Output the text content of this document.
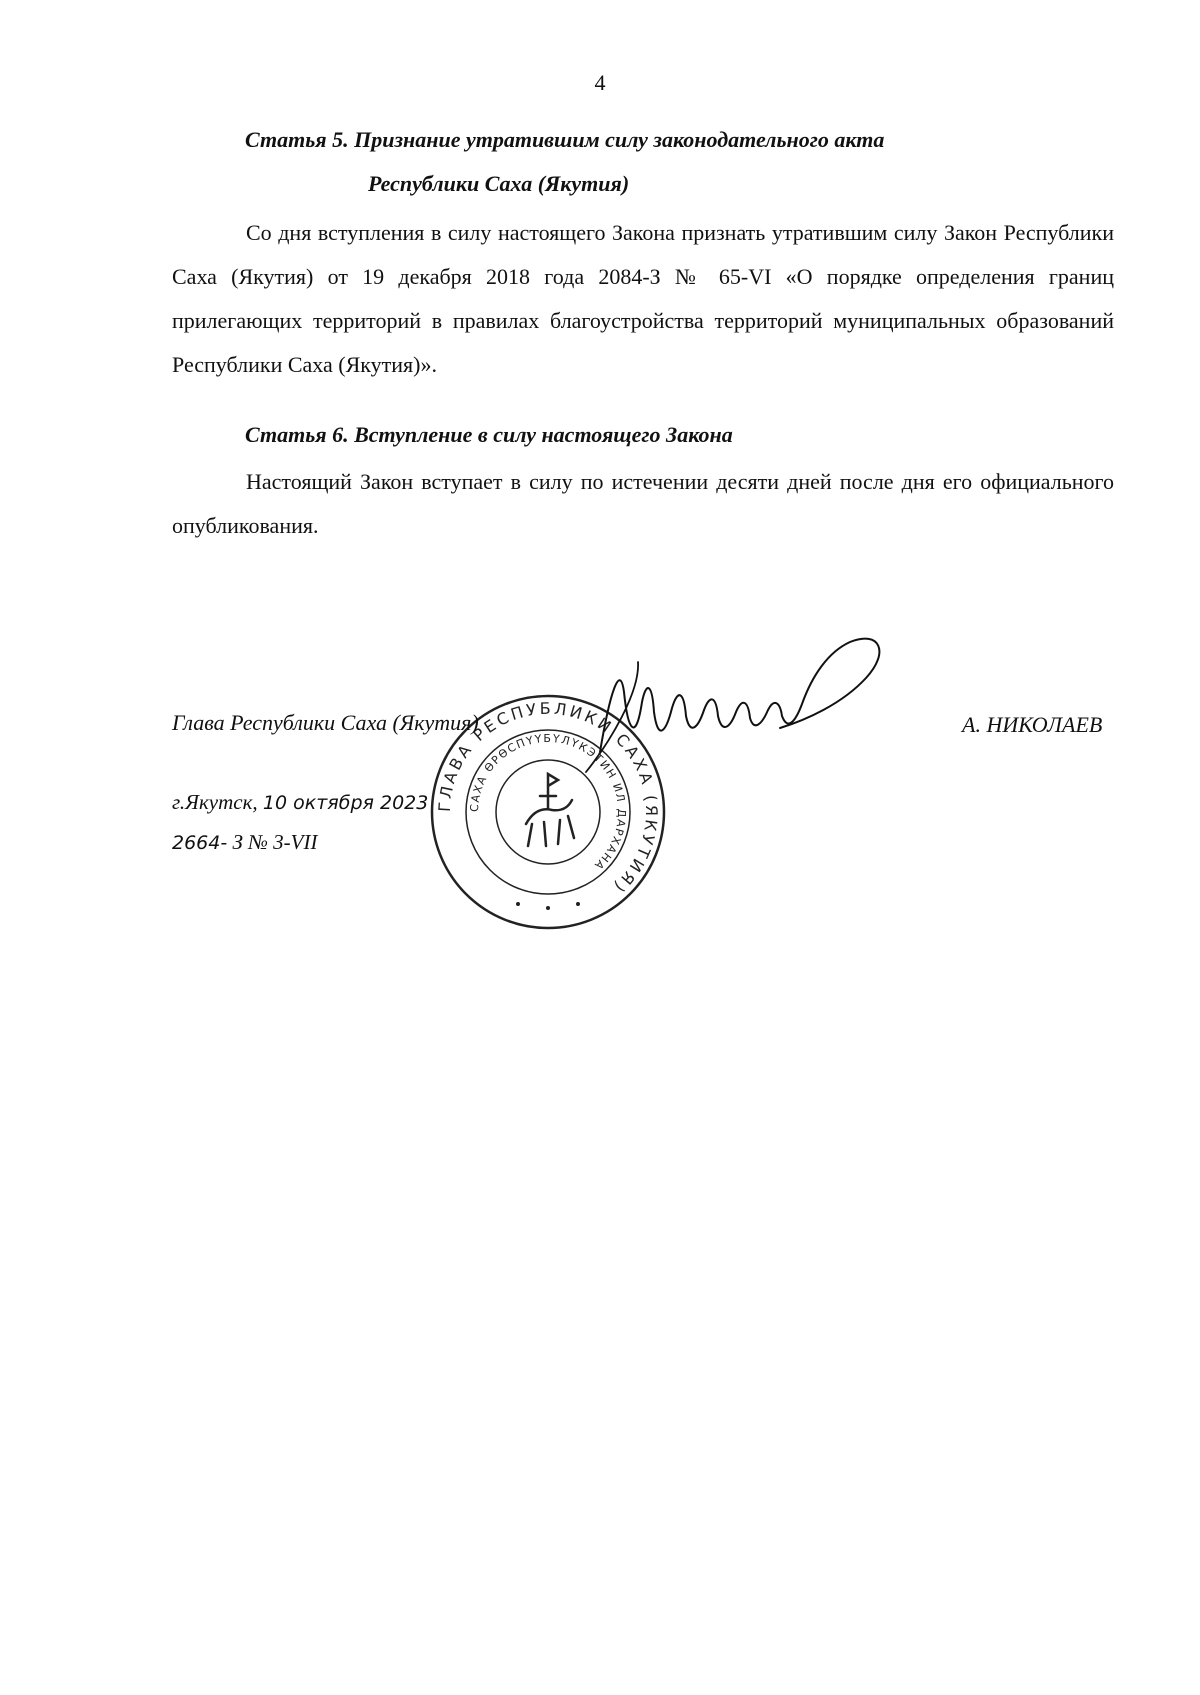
4
Статья 5. Признание утратившим силу законодательного акта
Республики Саха (Якутия)

Со дня вступления в силу настоящего Закона признать утратившим силу Закон Республики Саха (Якутия) от 19 декабря 2018 года 2084-З № 65-VI «О порядке определения границ прилегающих территорий в правилах благоустройства территорий муниципальных образований Республики Саха (Якутия)».

Статья 6. Вступление в силу настоящего Закона

Настоящий Закон вступает в силу по истечении десяти дней после дня его официального опубликования.

ГЛАВА РЕСПУБЛИКИ САХА (ЯКУТИЯ)
САХА ӨРӨСПҮҮБҮЛҮКЭТИН ИЛ ДАРХАНА
Глава Республики Саха (Якутия)	А. НИКОЛАЕВ
г.Якутск, 10 октября 2023
2664- З № 3-VII
